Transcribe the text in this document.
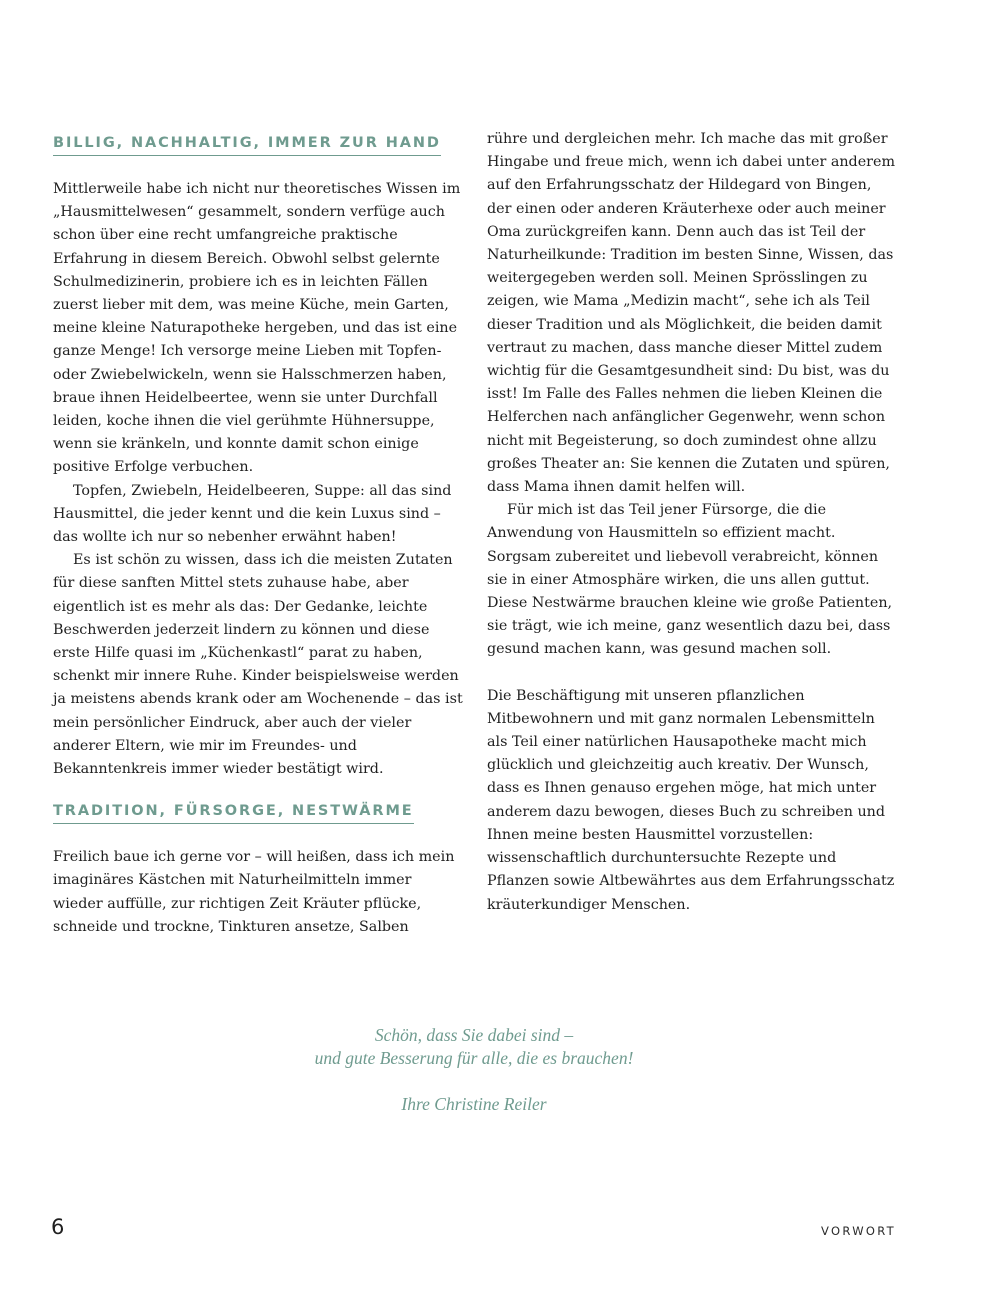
BILLIG, NACHHALTIG, IMMER ZUR HAND

Mittlerweile habe ich nicht nur theoretisches Wissen im „Hausmittelwesen“ gesammelt, sondern verfüge auch schon über eine recht umfangreiche praktische Erfahrung in diesem Bereich. Obwohl selbst gelernte Schulmedizinerin, probiere ich es in leichten Fällen zuerst lieber mit dem, was meine Küche, mein Garten, meine kleine Naturapotheke hergeben, und das ist eine ganze Menge! Ich versorge meine Lieben mit Topfen- oder Zwiebelwickeln, wenn sie Halsschmerzen haben, braue ihnen Heidelbeertee, wenn sie unter Durchfall leiden, koche ihnen die viel gerühmte Hühnersuppe, wenn sie kränkeln, und konnte damit schon einige positive Erfolge verbuchen.

Topfen, Zwiebeln, Heidelbeeren, Suppe: all das sind Hausmittel, die jeder kennt und die kein Luxus sind – das wollte ich nur so nebenher erwähnt haben!

Es ist schön zu wissen, dass ich die meisten Zutaten für diese sanften Mittel stets zuhause habe, aber eigentlich ist es mehr als das: Der Gedanke, leichte Beschwerden jederzeit lindern zu können und diese erste Hilfe quasi im „Küchenkastl“ parat zu haben, schenkt mir innere Ruhe. Kinder beispielsweise werden ja meistens abends krank oder am Wochenende – das ist mein persönlicher Eindruck, aber auch der vieler anderer Eltern, wie mir im Freundes- und Bekanntenkreis immer wieder bestätigt wird.

TRADITION, FÜRSORGE, NESTWÄRME

Freilich baue ich gerne vor – will heißen, dass ich mein imaginäres Kästchen mit Naturheilmitteln immer wieder auffülle, zur richtigen Zeit Kräuter pflücke, schneide und trockne, Tinkturen ansetze, Salben

rühre und dergleichen mehr. Ich mache das mit großer Hingabe und freue mich, wenn ich dabei unter anderem auf den Erfahrungsschatz der Hildegard von Bingen, der einen oder anderen Kräuterhexe oder auch meiner Oma zurückgreifen kann. Denn auch das ist Teil der Naturheilkunde: Tradition im besten Sinne, Wissen, das weitergegeben werden soll. Meinen Sprösslingen zu zeigen, wie Mama „Medizin macht“, sehe ich als Teil dieser Tradition und als Möglichkeit, die beiden damit vertraut zu machen, dass manche dieser Mittel zudem wichtig für die Gesamtgesundheit sind: Du bist, was du isst! Im Falle des Falles nehmen die lieben Kleinen die Helferchen nach anfänglicher Gegenwehr, wenn schon nicht mit Begeisterung, so doch zumindest ohne allzu großes Theater an: Sie kennen die Zutaten und spüren, dass Mama ihnen damit helfen will.

Für mich ist das Teil jener Fürsorge, die die Anwendung von Hausmitteln so effizient macht. Sorgsam zubereitet und liebevoll verabreicht, können sie in einer Atmosphäre wirken, die uns allen guttut. Diese Nestwärme brauchen kleine wie große Patienten, sie trägt, wie ich meine, ganz wesentlich dazu bei, dass gesund machen kann, was gesund machen soll.

Die Beschäftigung mit unseren pflanzlichen Mitbewohnern und mit ganz normalen Lebensmitteln als Teil einer natürlichen Hausapotheke macht mich glücklich und gleichzeitig auch kreativ. Der Wunsch, dass es Ihnen genauso ergehen möge, hat mich unter anderem dazu bewogen, dieses Buch zu schreiben und Ihnen meine besten Hausmittel vorzustellen: wissenschaftlich durchuntersuchte Rezepte und Pflanzen sowie Altbewährtes aus dem Erfahrungsschatz kräuterkundiger Menschen.

Schön, dass Sie dabei sind –
und gute Besserung für alle, die es brauchen!
Ihre Christine Reiler
6	VORWORT
